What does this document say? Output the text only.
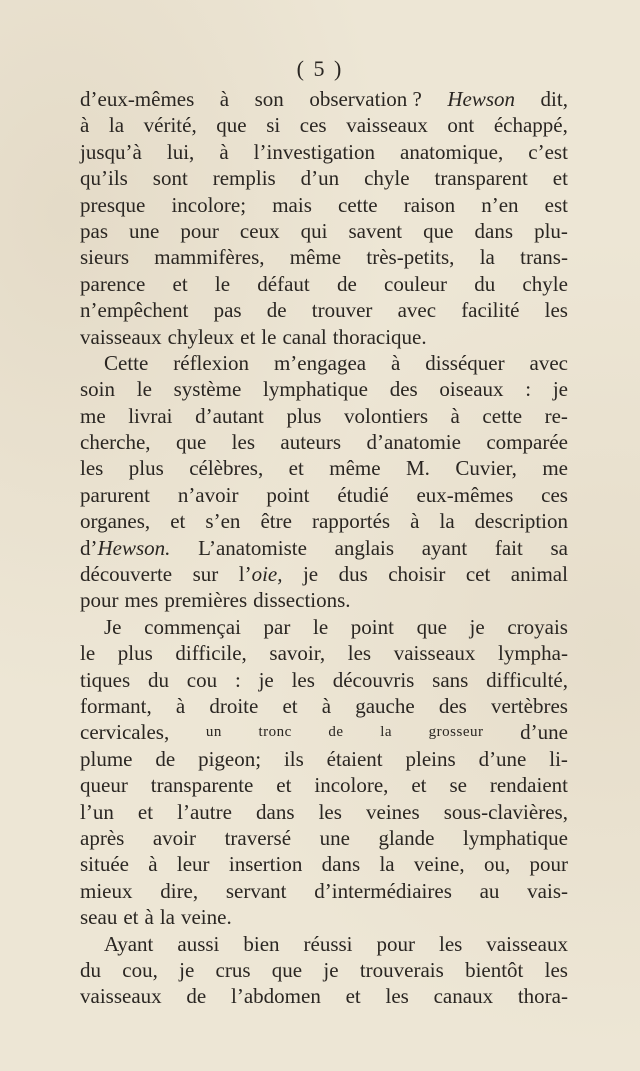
( 5 )
d’eux-mêmes à son observation ? Hewson dit,
à la vérité, que si ces vaisseaux ont échappé,
jusqu’à lui, à l’investigation anatomique, c’est
qu’ils sont remplis d’un chyle transparent et
presque incolore; mais cette raison n’en est
pas une pour ceux qui savent que dans plu-
sieurs mammifères, même très-petits, la trans-
parence et le défaut de couleur du chyle
n’empêchent pas de trouver avec facilité les
vaisseaux chyleux et le canal thoracique.
Cette réflexion m’engagea à disséquer avec
soin le système lymphatique des oiseaux : je
me livrai d’autant plus volontiers à cette re-
cherche, que les auteurs d’anatomie comparée
les plus célèbres, et même M. Cuvier, me
parurent n’avoir point étudié eux-mêmes ces
organes, et s’en être rapportés à la description
d’Hewson. L’anatomiste anglais ayant fait sa
découverte sur l’oie, je dus choisir cet animal
pour mes premières dissections.
Je commençai par le point que je croyais
le plus difficile, savoir, les vaisseaux lympha-
tiques du cou : je les découvris sans difficulté,
formant, à droite et à gauche des vertèbres
cervicales, un tronc de la grosseur d’une
plume de pigeon; ils étaient pleins d’une li-
queur transparente et incolore, et se rendaient
l’un et l’autre dans les veines sous-clavières,
après avoir traversé une glande lymphatique
située à leur insertion dans la veine, ou, pour
mieux dire, servant d’intermédiaires au vais-
seau et à la veine.
Ayant aussi bien réussi pour les vaisseaux
du cou, je crus que je trouverais bientôt les
vaisseaux de l’abdomen et les canaux thora-
